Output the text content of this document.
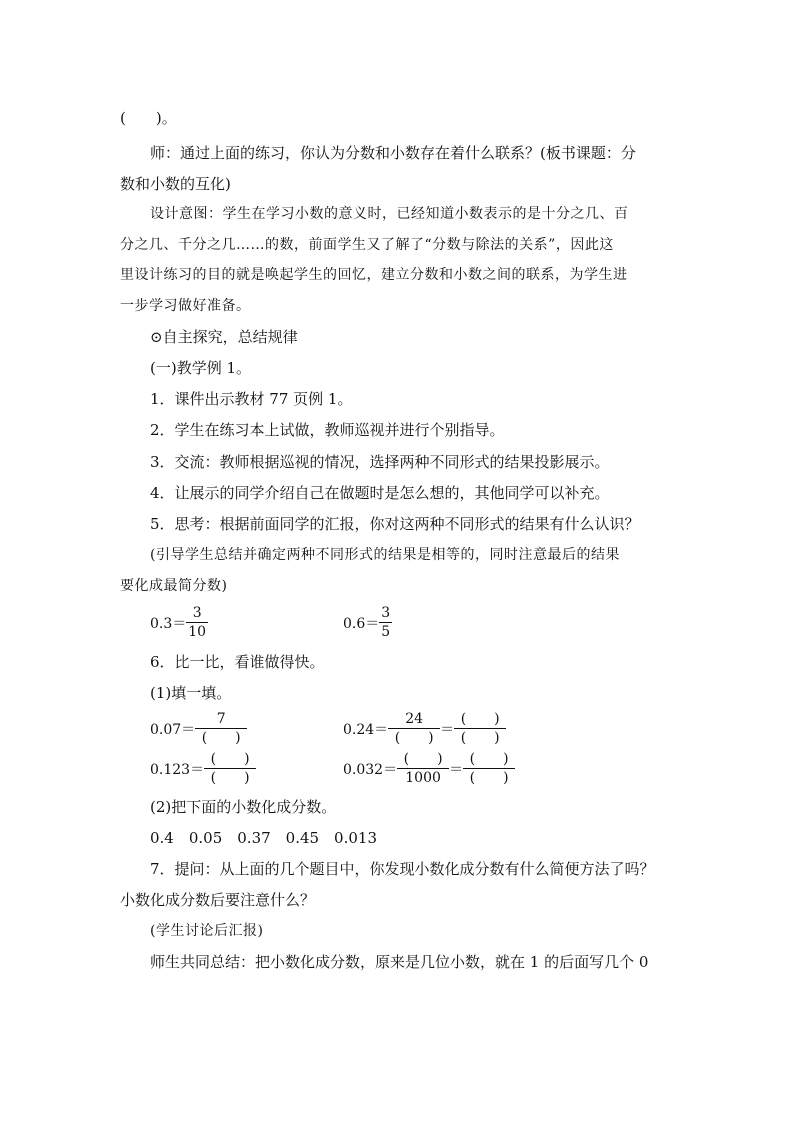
(　　)。
师：通过上面的练习，你认为分数和小数存在着什么联系？(板书课题：分
数和小数的互化)
设计意图：学生在学习小数的意义时，已经知道小数表示的是十分之几、百
分之几、千分之几……的数，前面学生又了解了“分数与除法的关系”，因此这
里设计练习的目的就是唤起学生的回忆，建立分数和小数之间的联系，为学生进
一步学习做好准备。
⊙自主探究，总结规律
(一)教学例 1。
1．课件出示教材 77 页例 1。
2．学生在练习本上试做，教师巡视并进行个别指导。
3．交流：教师根据巡视的情况，选择两种不同形式的结果投影展示。
4．让展示的同学介绍自己在做题时是怎么想的，其他同学可以补充。
5．思考：根据前面同学的汇报，你对这两种不同形式的结果有什么认识？
(引导学生总结并确定两种不同形式的结果是相等的，同时注意最后的结果
要化成最简分数)
$0.3= \frac{3}{10}$	$0.6= \frac{3}{5}$
6．比一比，看谁做得快。
(1)填一填。
$0.07= \frac{7}{( )}$	$0.24= \frac{24}{( )} = \frac{( )}{( )}$
$0.123= \frac{( )}{( )}$	$0.032= \frac{( )}{1000} = \frac{( )}{( )}$
(2)把下面的小数化成分数。
0.4　0.05　0.37　0.45　0.013
7．提问：从上面的几个题目中，你发现小数化成分数有什么简便方法了吗？
小数化成分数后要注意什么？
(学生讨论后汇报)
师生共同总结：把小数化成分数，原来是几位小数，就在 1 的后面写几个 0
